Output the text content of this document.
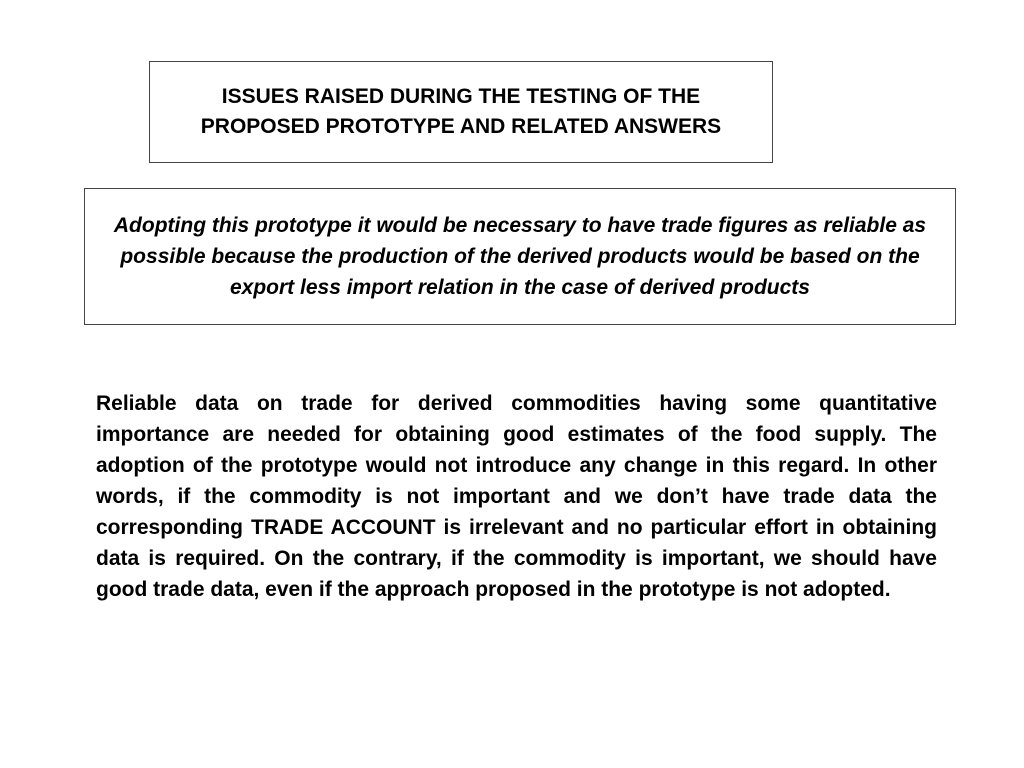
ISSUES RAISED DURING THE TESTING OF THE PROPOSED PROTOTYPE AND RELATED ANSWERS

Adopting this prototype it would be necessary to have trade figures as reliable as possible because the production of the derived products would be based on the export less import relation in the case of derived products

Reliable data on trade for derived commodities having some quantitative importance are needed for obtaining good estimates of the food supply. The adoption of the prototype would not introduce any change in this regard. In other words, if the commodity is not important and we don’t have trade data the corresponding TRADE ACCOUNT is irrelevant and no particular effort in obtaining data is required. On the contrary, if the commodity is important, we should have good trade data, even if the approach proposed in the prototype is not adopted.
